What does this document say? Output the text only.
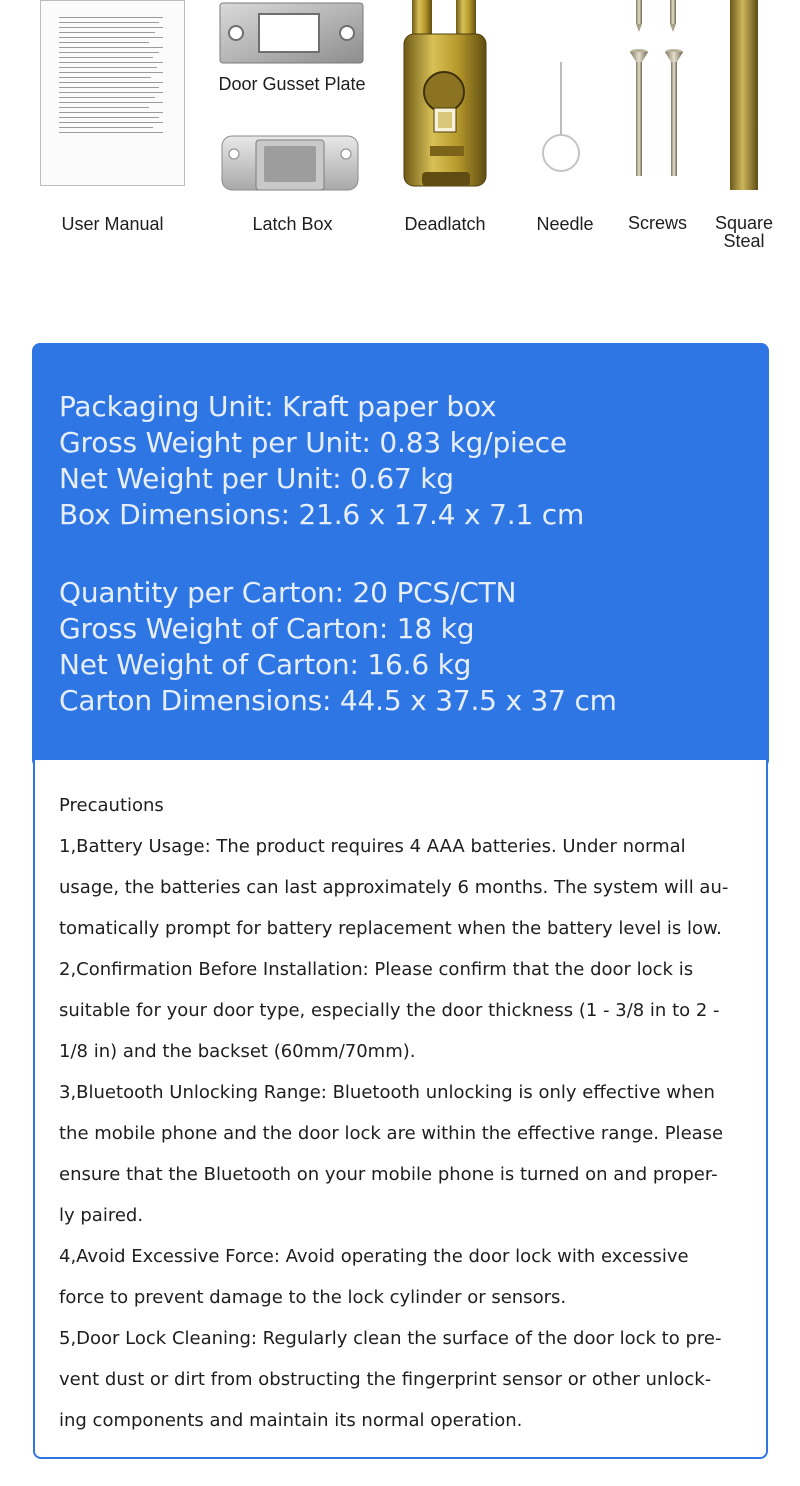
User Manual
Door Gusset Plate
Latch Box	Deadlatch	Needle	Screws	Square
Steal
Packaging Unit: Kraft paper box
Gross Weight per Unit: 0.83 kg/piece
Net Weight per Unit: 0.67 kg
Box Dimensions: 21.6 x 17.4 x 7.1 cm
Quantity per Carton: 20 PCS/CTN
Gross Weight of Carton: 18 kg
Net Weight of Carton: 16.6 kg
Carton Dimensions: 44.5 x 37.5 x 37 cm
Precautions
1,Battery Usage: The product requires 4 AAA batteries. Under normal
usage, the batteries can last approximately 6 months. The system will au-
tomatically prompt for battery replacement when the battery level is low.
2,Confirmation Before Installation: Please confirm that the door lock is
suitable for your door type, especially the door thickness (1 - 3/8 in to 2 -
1/8 in) and the backset (60mm/70mm).
3,Bluetooth Unlocking Range: Bluetooth unlocking is only effective when
the mobile phone and the door lock are within the effective range. Please
ensure that the Bluetooth on your mobile phone is turned on and proper-
ly paired.
4,Avoid Excessive Force: Avoid operating the door lock with excessive
force to prevent damage to the lock cylinder or sensors.
5,Door Lock Cleaning: Regularly clean the surface of the door lock to pre-
vent dust or dirt from obstructing the fingerprint sensor or other unlock-
ing components and maintain its normal operation.
